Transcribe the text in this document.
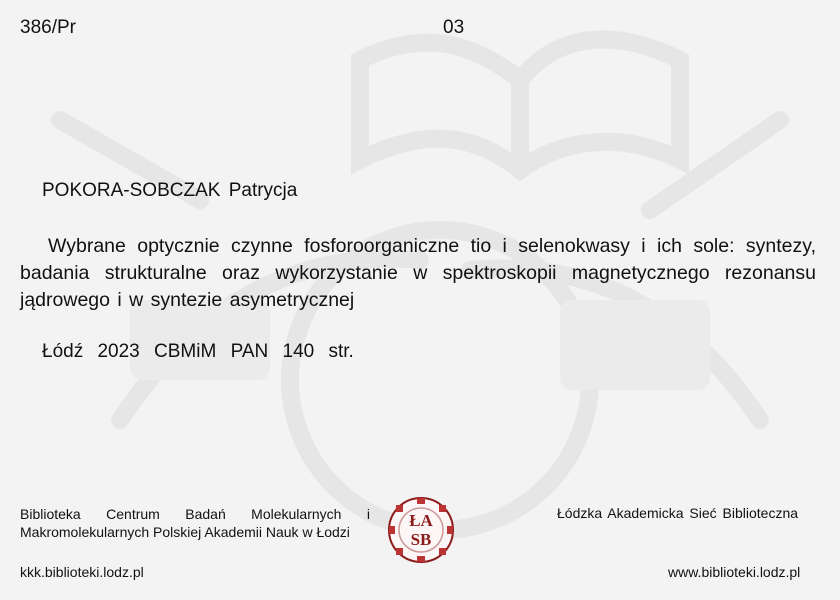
386/Pr	03
POKORA-SOBCZAK Patrycja
Wybrane optycznie czynne fosforoorganiczne tio i selenokwasy i ich sole: syntezy, badania strukturalne oraz wykorzystanie w spektroskopii magnetycznego rezonansu jądrowego i w syntezie asymetrycznej
Łódź 2023 CBMiM PAN 140 str.
Biblioteka Centrum Badań Molekularnych i Makromolekularnych Polskiej Akademii Nauk w Łodzi
ŁA
SB
Łódzka Akademicka Sieć Biblioteczna
kkk.biblioteki.lodz.pl	www.biblioteki.lodz.pl
